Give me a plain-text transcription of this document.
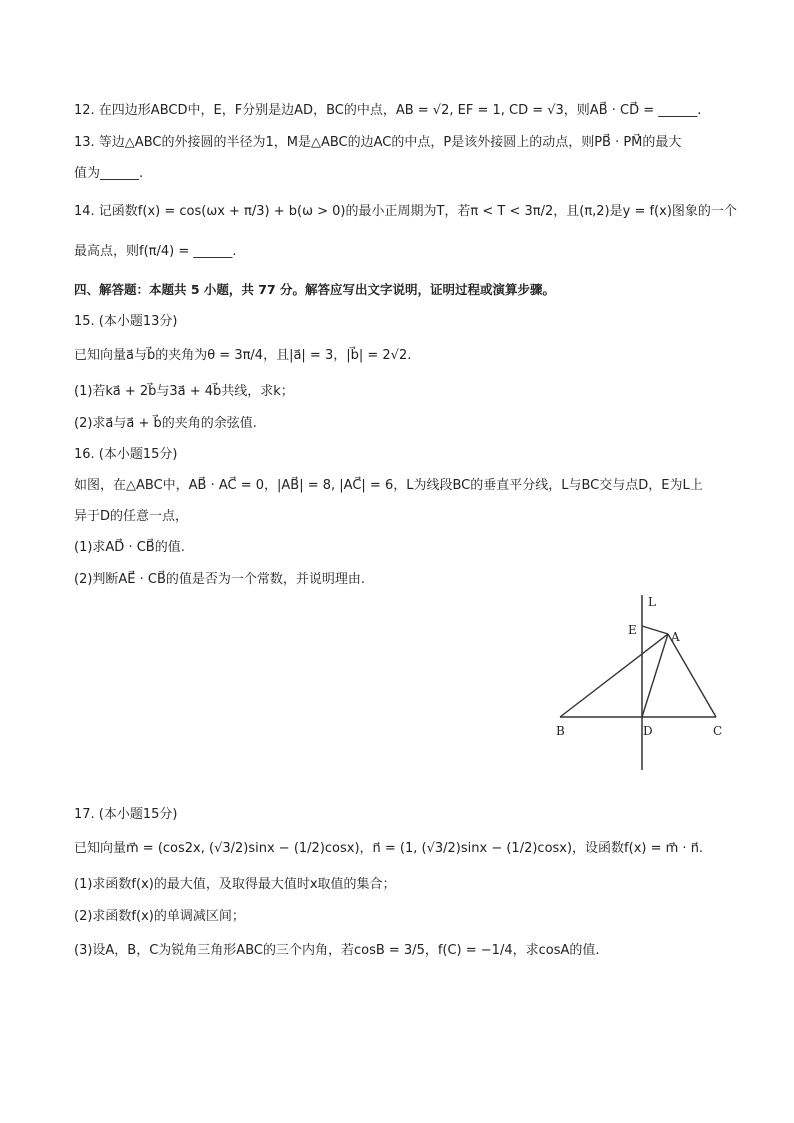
12. 在四边形ABCD中，E，F分别是边AD，BC的中点，AB = √2, EF = 1, CD = √3，则AB⃗ · CD⃗ = ______.
13. 等边△ABC的外接圆的半径为1，M是△ABC的边AC的中点，P是该外接圆上的动点，则PB⃗ · PM⃗的最大
值为______.
14. 记函数f(x) = cos(ωx + π/3) + b(ω > 0)的最小正周期为T，若π < T < 3π/2，且(π,2)是y = f(x)图象的一个
最高点，则f(π/4) = ______.
四、解答题：本题共 5 小题，共 77 分。解答应写出文字说明，证明过程或演算步骤。
15. (本小题13分)
已知向量a⃗与b⃗的夹角为θ = 3π/4，且|a⃗| = 3，|b⃗| = 2√2.
(1)若ka⃗ + 2b⃗与3a⃗ + 4b⃗共线，求k；
(2)求a⃗与a⃗ + b⃗的夹角的余弦值.
16. (本小题15分)
如图，在△ABC中，AB⃗ · AC⃗ = 0，|AB⃗| = 8, |AC⃗| = 6，L为线段BC的垂直平分线，L与BC交与点D，E为L上
异于D的任意一点，
(1)求AD⃗ · CB⃗的值.
(2)判断AE⃗ · CB⃗的值是否为一个常数，并说明理由.
L
E	A
B	D	C
17. (本小题15分)
已知向量m⃗ = (cos2x, (√3/2)sinx − (1/2)cosx)，n⃗ = (1, (√3/2)sinx − (1/2)cosx)，设函数f(x) = m⃗ · n⃗.
(1)求函数f(x)的最大值，及取得最大值时x取值的集合；
(2)求函数f(x)的单调减区间；
(3)设A，B，C为锐角三角形ABC的三个内角，若cosB = 3/5，f(C) = −1/4，求cosA的值.
